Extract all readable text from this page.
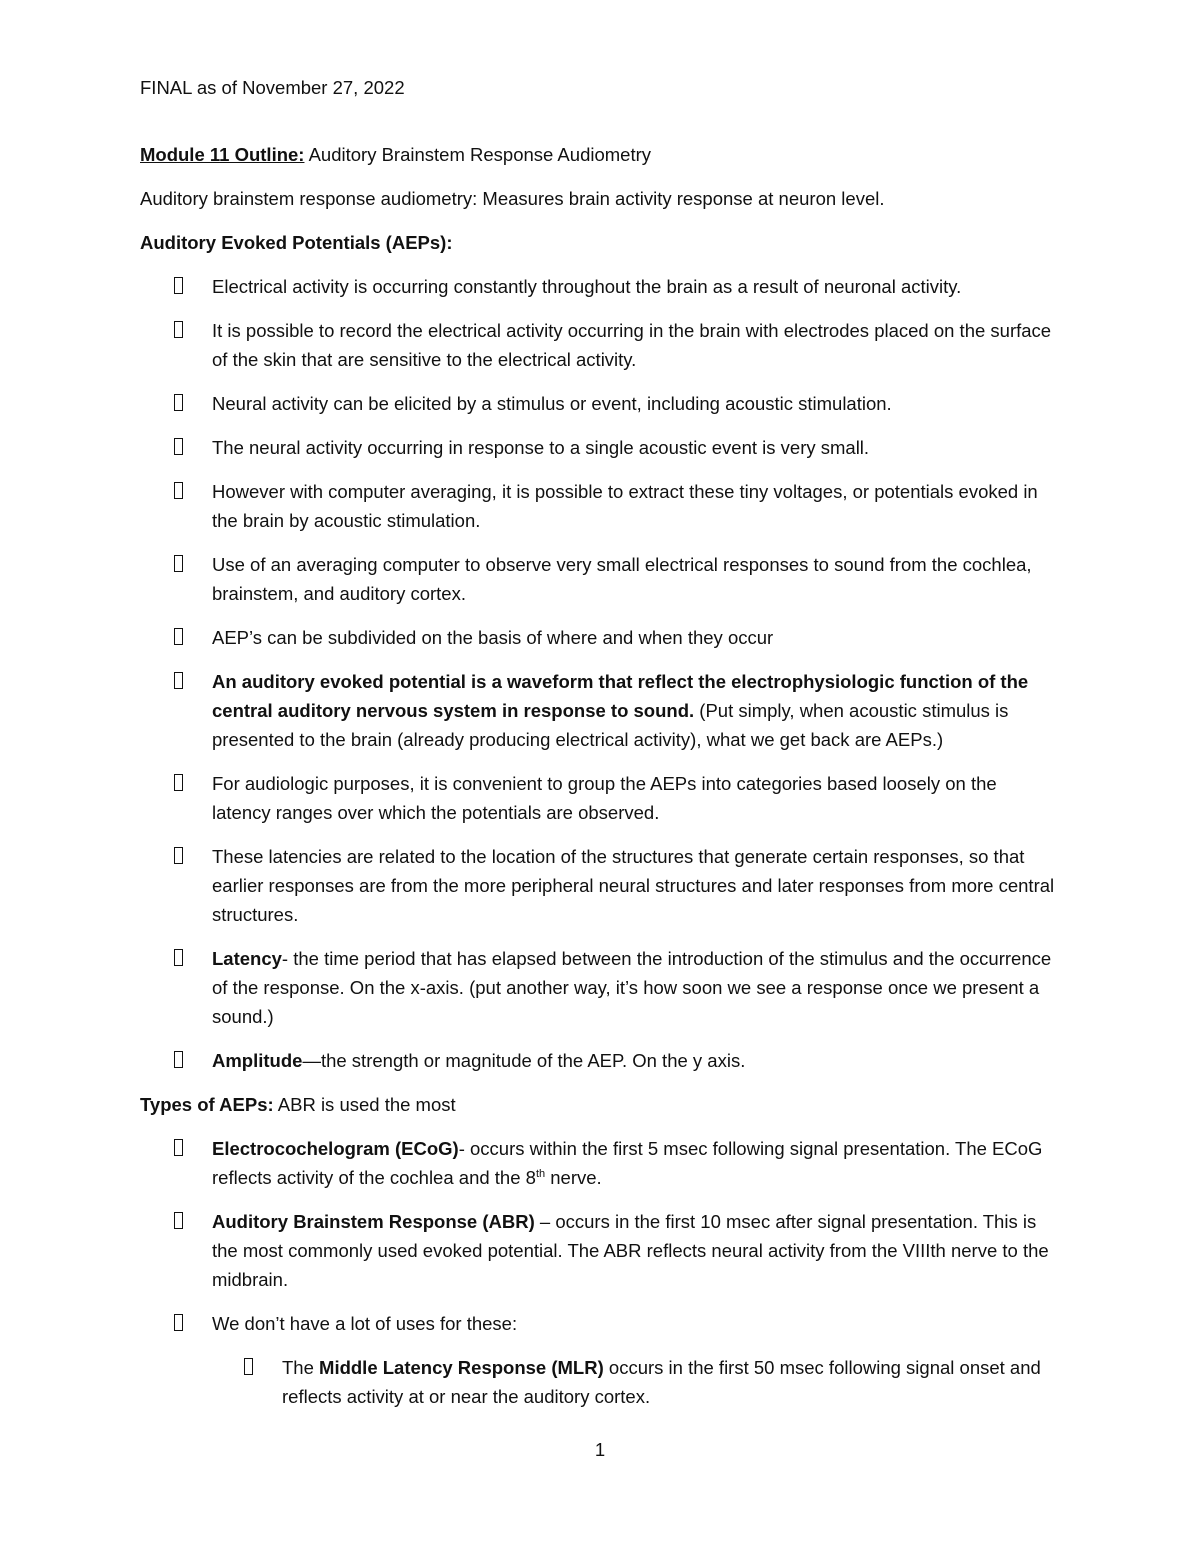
FINAL as of November 27, 2022

Module 11 Outline: Auditory Brainstem Response Audiometry

Auditory brainstem response audiometry: Measures brain activity response at neuron level.

Auditory Evoked Potentials (AEPs):

Electrical activity is occurring constantly throughout the brain as a result of neuronal activity.
It is possible to record the electrical activity occurring in the brain with electrodes placed on the surface of the skin that are sensitive to the electrical activity.
Neural activity can be elicited by a stimulus or event, including acoustic stimulation.
The neural activity occurring in response to a single acoustic event is very small.
However with computer averaging, it is possible to extract these tiny voltages, or potentials evoked in the brain by acoustic stimulation.
Use of an averaging computer to observe very small electrical responses to sound from the cochlea, brainstem, and auditory cortex.
AEP’s can be subdivided on the basis of where and when they occur
An auditory evoked potential is a waveform that reflect the electrophysiologic function of the central auditory nervous system in response to sound. (Put simply, when acoustic stimulus is presented to the brain (already producing electrical activity), what we get back are AEPs.)
For audiologic purposes, it is convenient to group the AEPs into categories based loosely on the latency ranges over which the potentials are observed.
These latencies are related to the location of the structures that generate certain responses, so that earlier responses are from the more peripheral neural structures and later responses from more central structures.
Latency- the time period that has elapsed between the introduction of the stimulus and the occurrence of the response. On the x-axis. (put another way, it’s how soon we see a response once we present a sound.)
Amplitude—the strength or magnitude of the AEP. On the y axis.

Types of AEPs: ABR is used the most

Electrocochelogram (ECoG)- occurs within the first 5 msec following signal presentation. The ECoG reflects activity of the cochlea and the 8th nerve.
Auditory Brainstem Response (ABR) – occurs in the first 10 msec after signal presentation. This is the most commonly used evoked potential. The ABR reflects neural activity from the VIIIth nerve to the midbrain.
We don’t have a lot of uses for these:
The Middle Latency Response (MLR) occurs in the first 50 msec following signal onset and reflects activity at or near the auditory cortex.
1
